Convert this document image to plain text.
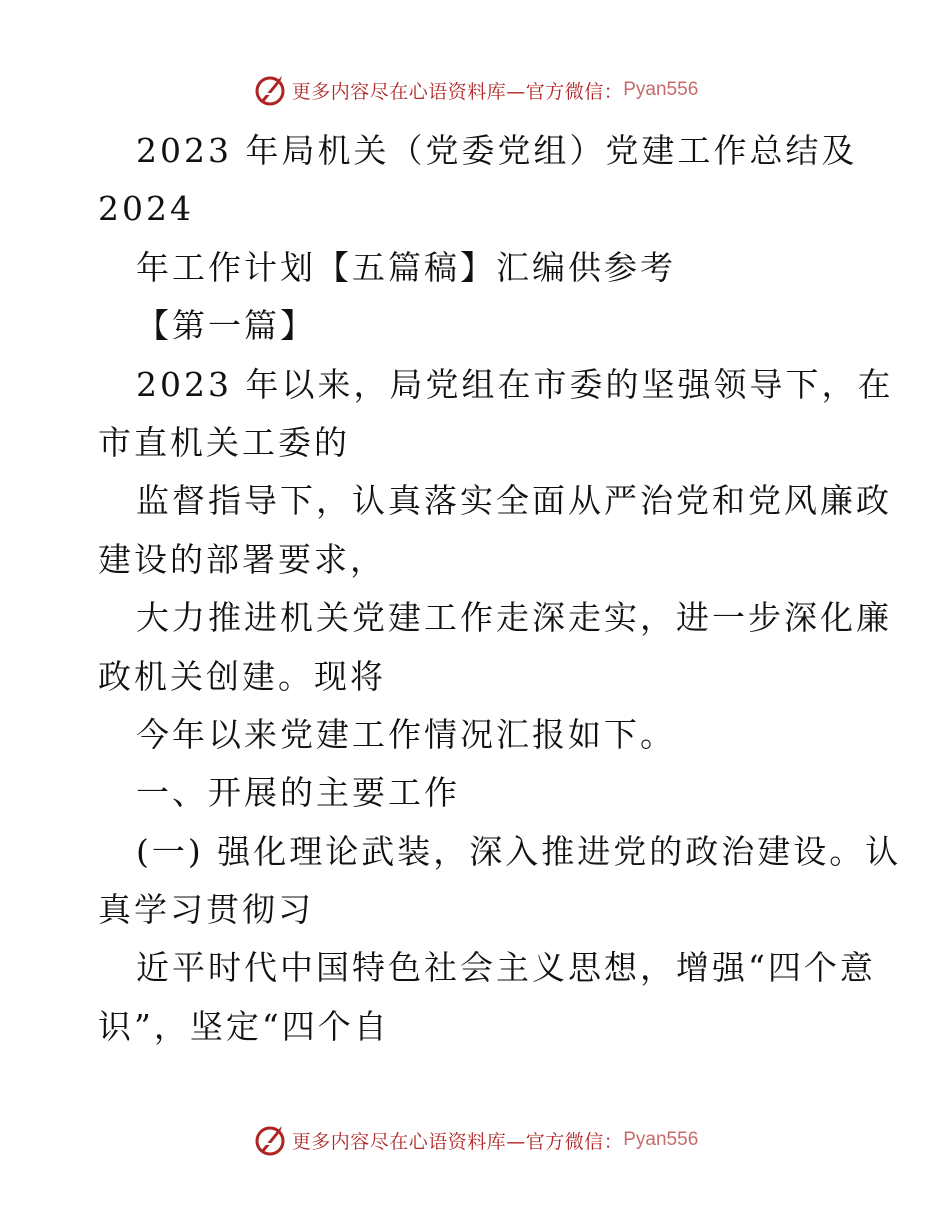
更多内容尽在心语资料库—官方微信： Pyan556
2023 年局机关（党委党组）党建工作总结及
2024
年工作计划【五篇稿】汇编供参考
【第一篇】
2023 年以来，局党组在市委的坚强领导下，在
市直机关工委的
监督指导下，认真落实全面从严治党和党风廉政
建设的部署要求，
大力推进机关党建工作走深走实，进一步深化廉
政机关创建。现将
今年以来党建工作情况汇报如下。
一、开展的主要工作
(一) 强化理论武装，深入推进党的政治建设。认
真学习贯彻习
近平时代中国特色社会主义思想，增强“四个意
识”，坚定“四个自
更多内容尽在心语资料库—官方微信： Pyan556
